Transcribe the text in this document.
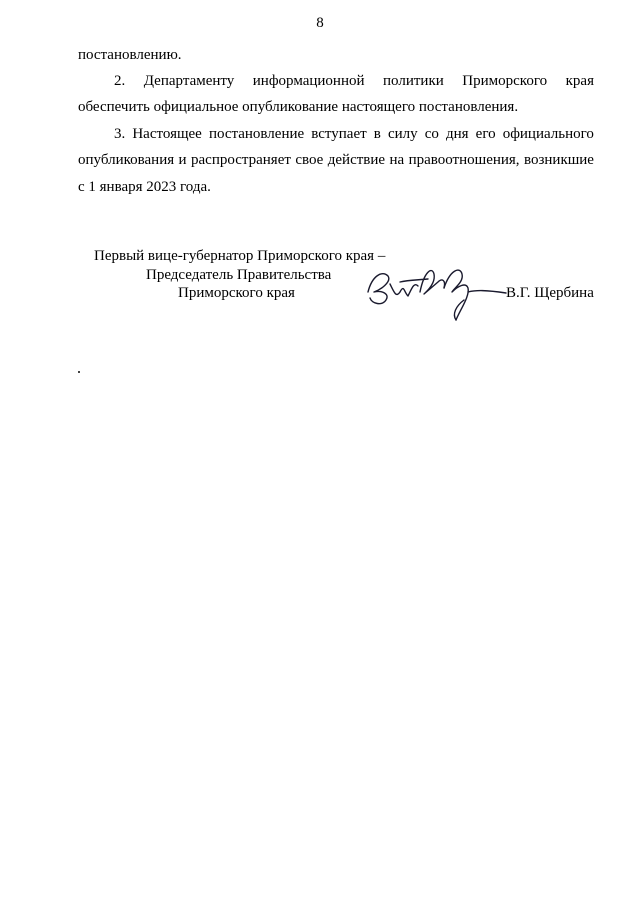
8
постановлению.
2. Департаменту информационной политики Приморского края
обеспечить официальное опубликование настоящего постановления.
3. Настоящее постановление вступает в силу со дня его официального
опубликования и распространяет свое действие на правоотношения, возникшие
с 1 января 2023 года.
Первый вице-губернатор Приморского края –
Председатель Правительства
Приморского края	В.Г. Щербина
